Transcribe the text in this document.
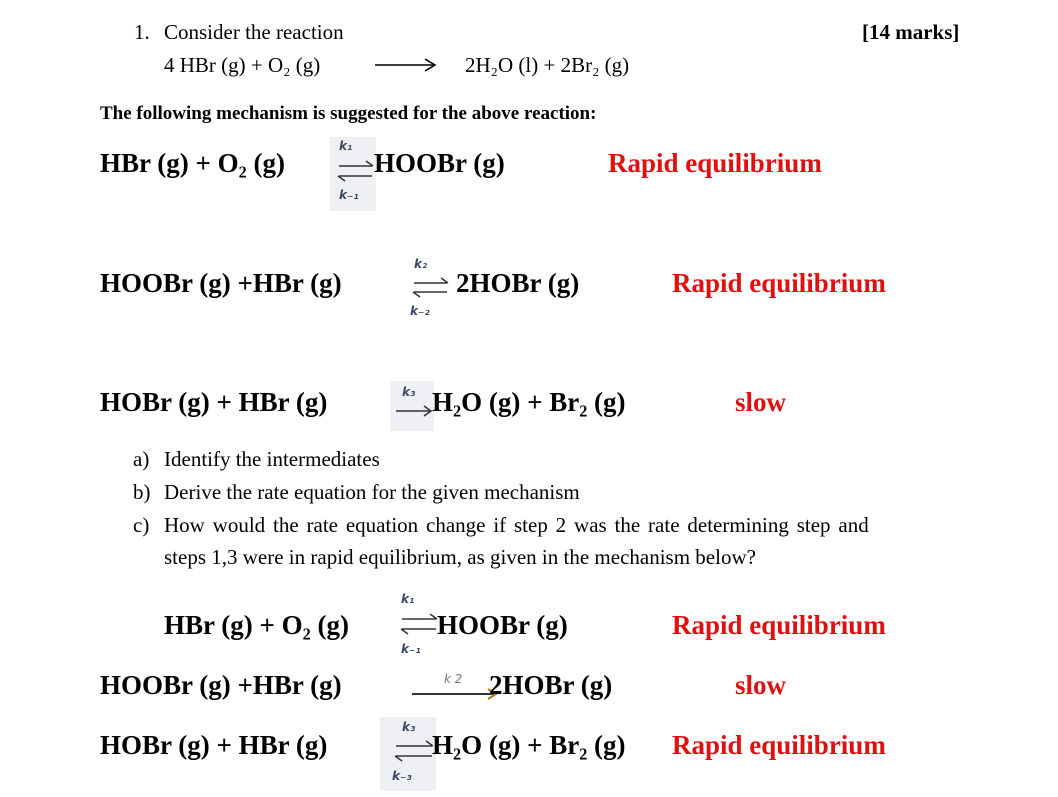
1. Consider the reaction	[14 marks]
4 HBr (g) + O₂ (g)	2H₂O (l) + 2Br₂ (g)
The following mechanism is suggested for the above reaction:
HBr (g) + O₂ (g)
k₁
k₋₁
HOOBr (g)	Rapid equilibrium
HOOBr (g) +HBr (g)
k₂
k₋₂
2HOBr (g)	Rapid equilibrium
HOBr (g) + HBr (g)	k₃ H₂O (g) + Br₂ (g)	slow
a) Identify the intermediates
b) Derive the rate equation for the given mechanism
c) How would the rate equation change if step 2 was the rate determining step and
steps 1,3 were in rapid equilibrium, as given in the mechanism below?
HBr (g) + O₂ (g)
k₁
k₋₁
HOOBr (g)	Rapid equilibrium
HOOBr (g) +HBr (g)	k 2 2HOBr (g)	slow
HOBr (g) + HBr (g)
k₃
k₋₃
H₂O (g) + Br₂ (g) Rapid equilibrium
